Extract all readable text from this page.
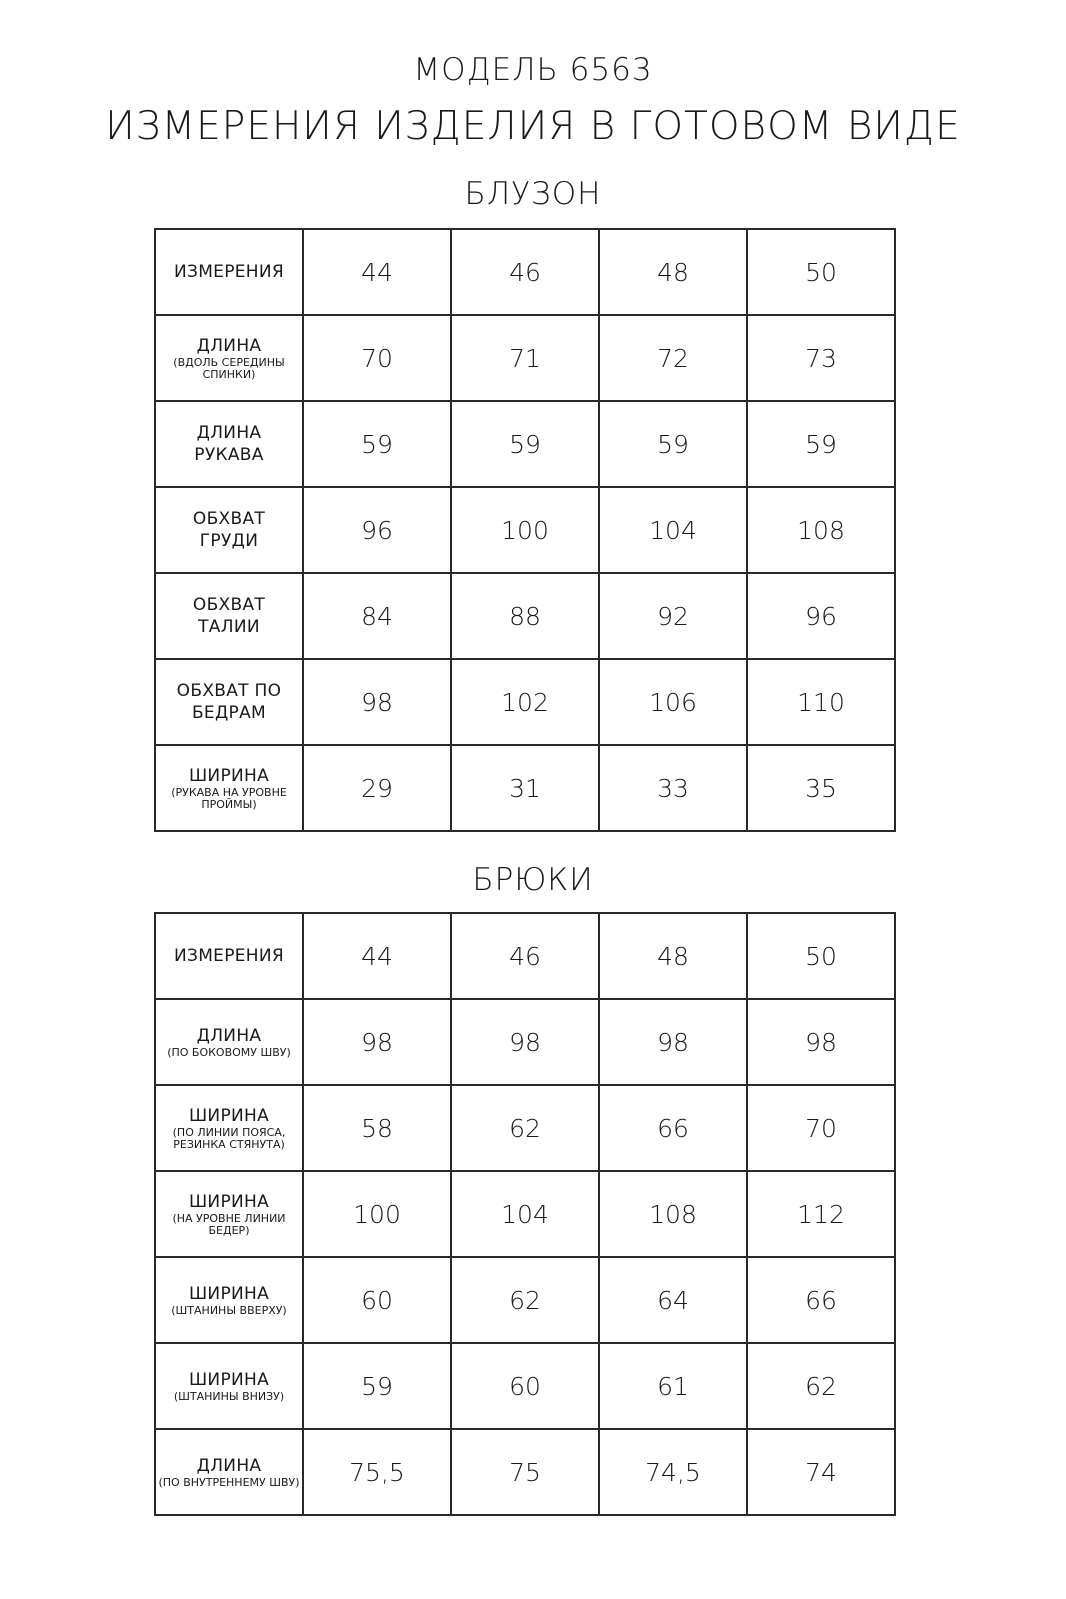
МОДЕЛЬ 6563
ИЗМЕРЕНИЯ ИЗДЕЛИЯ В ГОТОВОМ ВИДЕ
БЛУЗОН
ИЗМЕРЕНИЯ	44	46	48	50

ДЛИНА
(ВДОЛЬ СЕРЕДИНЫ СПИНКИ)	70	71	72	73

ДЛИНА РУКАВА	59	59	59	59

ОБХВАТ ГРУДИ	96	100	104	108

ОБХВАТ ТАЛИИ	84	88	92	96

ОБХВАТ ПО БЕДРАМ	98	102	106	110

ШИРИНА
(РУКАВА НА УРОВНЕ ПРОЙМЫ)	29	31	33	35
БРЮКИ
ИЗМЕРЕНИЯ	44	46	48	50

ДЛИНА
(ПО БОКОВОМУ ШВУ)	98	98	98	98

ШИРИНА
(ПО ЛИНИИ ПОЯСА, РЕЗИНКА СТЯНУТА)	58	62	66	70

ШИРИНА
(НА УРОВНЕ ЛИНИИ БЕДЕР)	100	104	108	112

ШИРИНА
(ШТАНИНЫ ВВЕРХУ)	60	62	64	66

ШИРИНА
(ШТАНИНЫ ВНИЗУ)	59	60	61	62

ДЛИНА
(ПО ВНУТРЕННЕМУ ШВУ)	75,5	75	74,5	74
